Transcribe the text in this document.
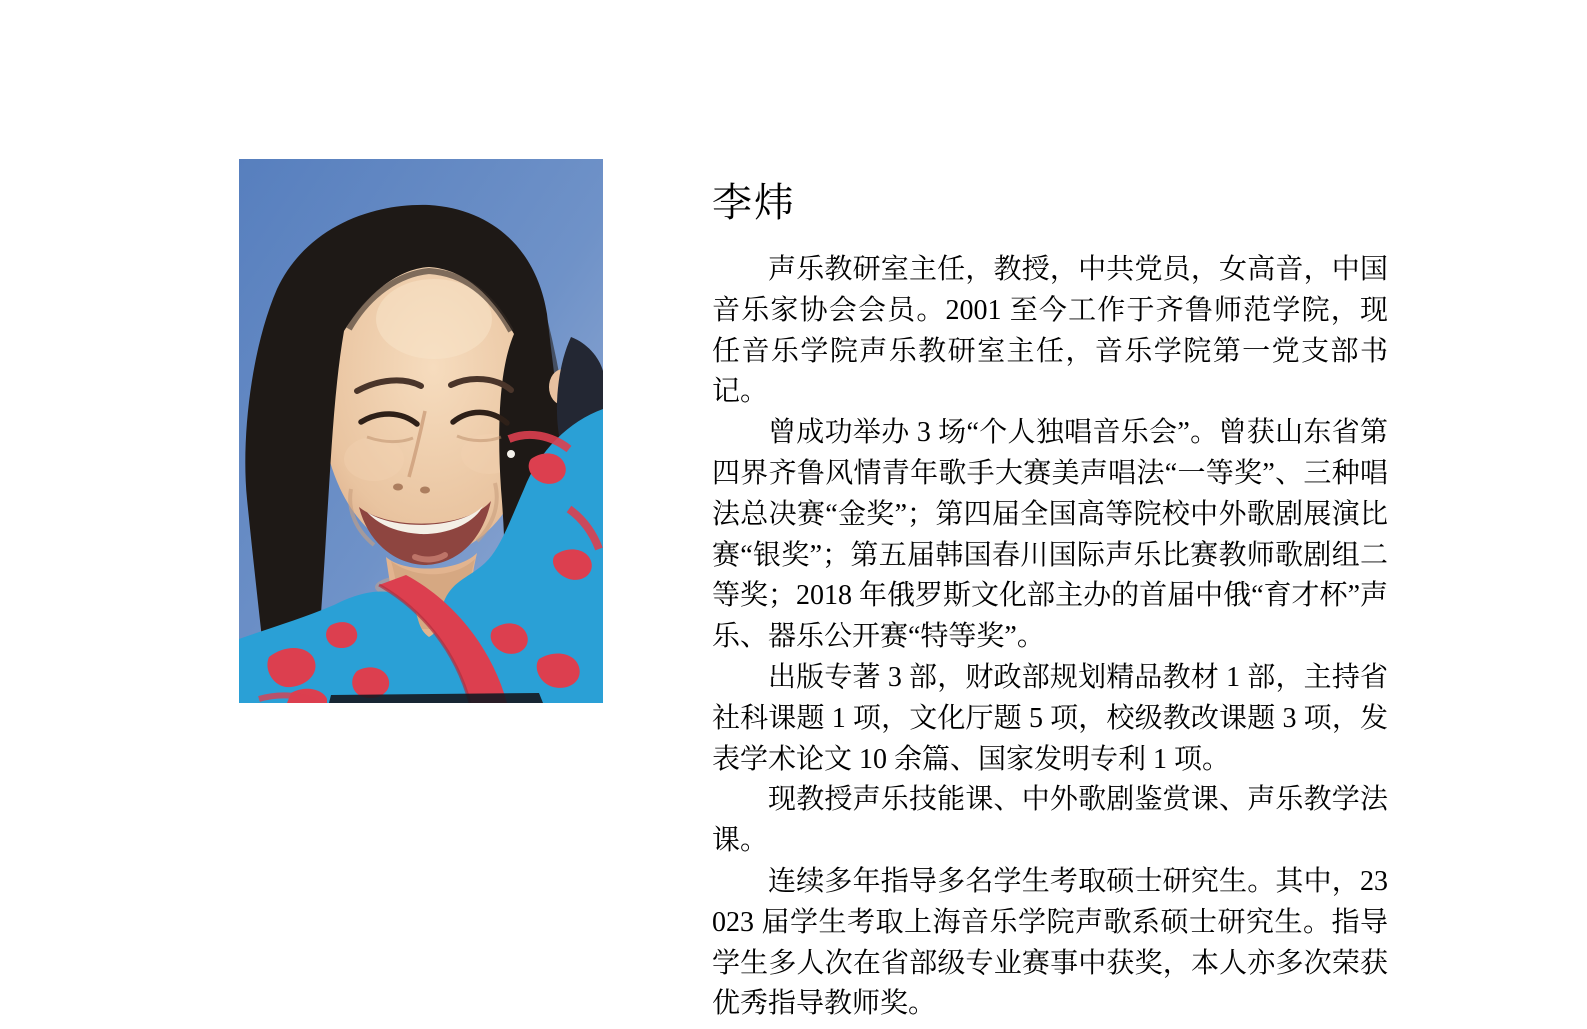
李炜

声乐教研室主任，教授，中共党员，女高音，中国音乐家协会会员。2001 至今工作于齐鲁师范学院，现任音乐学院声乐教研室主任，音乐学院第一党支部书记。

曾成功举办 3 场“个人独唱音乐会”。曾获山东省第四界齐鲁风情青年歌手大赛美声唱法“一等奖”、三种唱法总决赛“金奖”；第四届全国高等院校中外歌剧展演比赛“银奖”；第五届韩国春川国际声乐比赛教师歌剧组二等奖；2018 年俄罗斯文化部主办的首届中俄“育才杯”声乐、器乐公开赛“特等奖”。

出版专著 3 部，财政部规划精品教材 1 部，主持省社科课题 1 项，文化厅题 5 项，校级教改课题 3 项，发表学术论文 10 余篇、国家发明专利 1 项。

现教授声乐技能课、中外歌剧鉴赏课、声乐教学法课。

连续多年指导多名学生考取硕士研究生。其中，23023 届学生考取上海音乐学院声歌系硕士研究生。指导学生多人次在省部级专业赛事中获奖，本人亦多次荣获优秀指导教师奖。
